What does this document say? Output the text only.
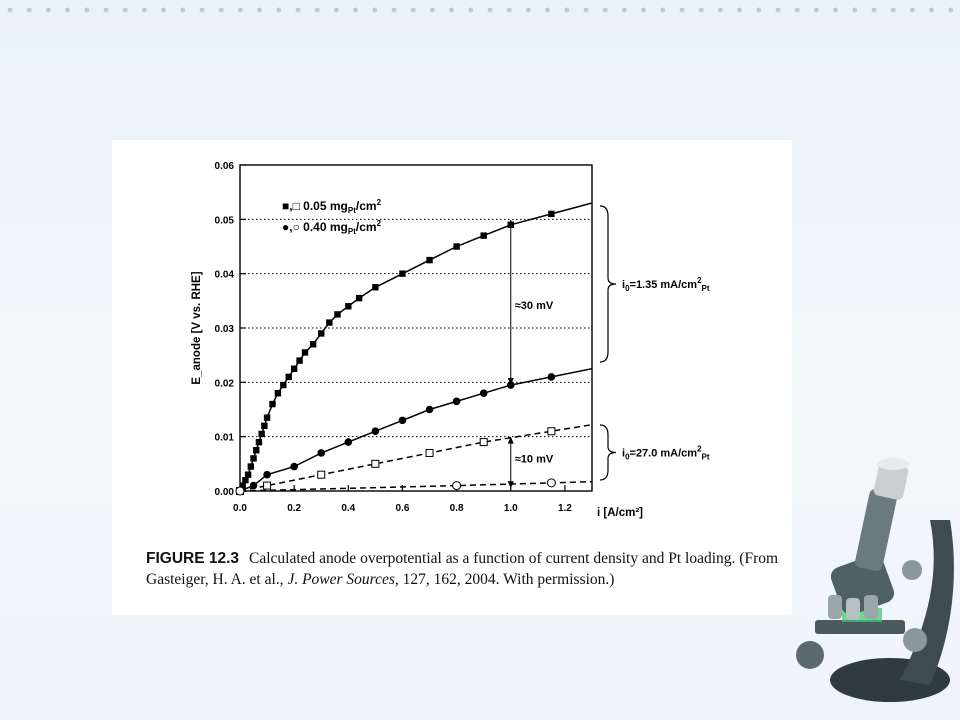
0.00
0.01
0.02
0.03
0.04
0.05
0.06
0.0	0.2	0.4	0.6	0.8	1.0	1.2 i [A/cm²]
E_anode [V vs. RHE]
■,□ 0.05 $mg_{Pt}/cm^2$
●,○ 0.40 $mg_{Pt}/cm^2$
≈30 mV
≈10 mV
$i_0=1.35$ $mA/cm^2_{Pt}$
$i_0=27.0$ $mA/cm^2_{Pt}$
FIGURE 12.3 Calculated anode overpotential as a function of current density and Pt loading. (From Gasteiger, H. A. et al., J. Power Sources, 127, 162, 2004. With permission.)
